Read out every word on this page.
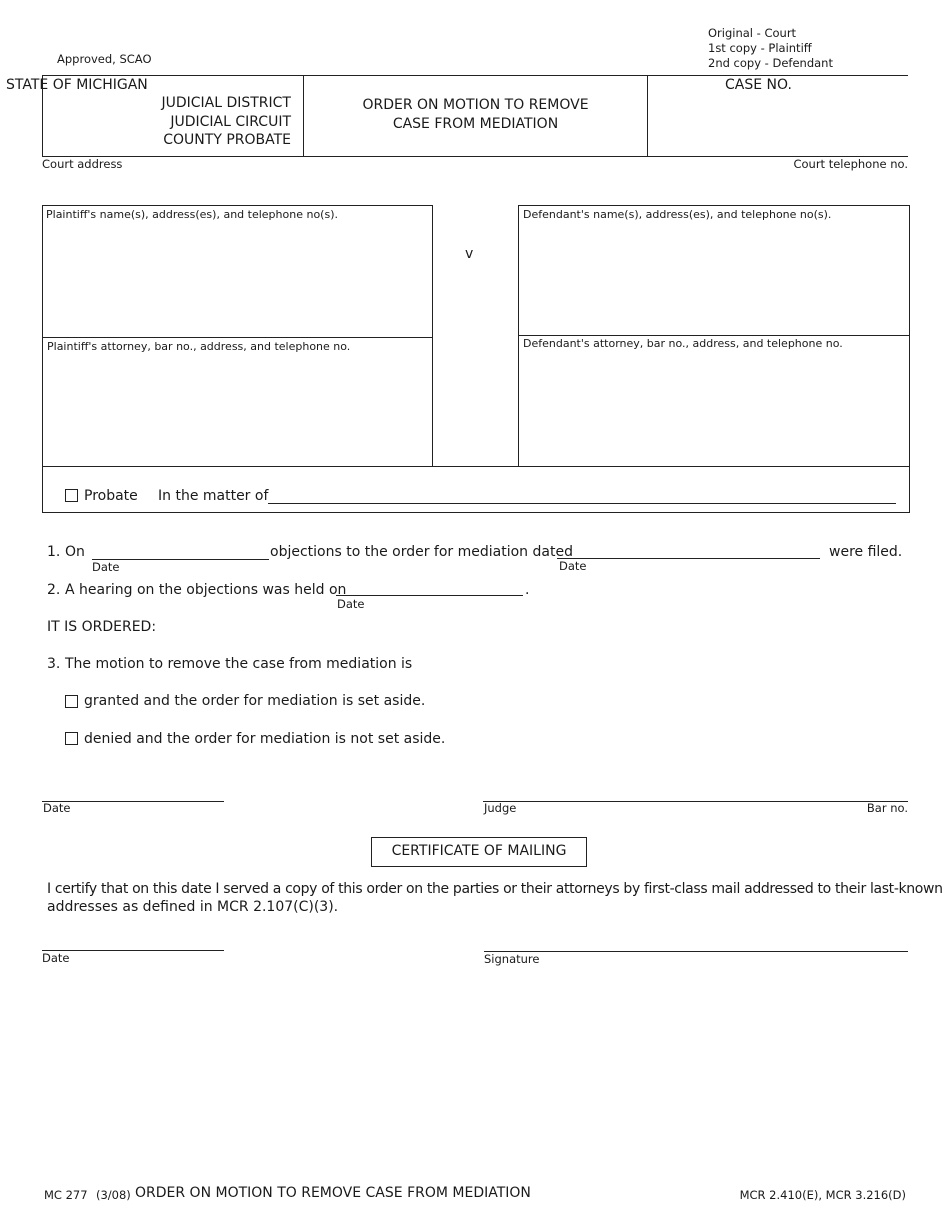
Approved, SCAO
Original - Court
1st copy - Plaintiff
2nd copy - Defendant
STATE OF MICHIGAN
JUDICIAL DISTRICT
JUDICIAL CIRCUIT
COUNTY PROBATE
ORDER ON MOTION TO REMOVE
CASE FROM MEDIATION
CASE NO.
Court address	Court telephone no.
Plaintiff's name(s), address(es), and telephone no(s).
Plaintiff's attorney, bar no., address, and telephone no.
v
Defendant's name(s), address(es), and telephone no(s).
Defendant's attorney, bar no., address, and telephone no.
Probate In the matter of
1. On
Date
objections to the order for mediation dated
Date
were filed.
2. A hearing on the objections was held on
Date
.
IT IS ORDERED:
3. The motion to remove the case from mediation is
granted and the order for mediation is set aside.
denied and the order for mediation is not set aside.
Date	Judge	Bar no.
CERTIFICATE OF MAILING
I certify that on this date I served a copy of this order on the parties or their attorneys by first-class mail addressed to their last-known
addresses as defined in MCR 2.107(C)(3).
Date	Signature
MC 277 (3/08) ORDER ON MOTION TO REMOVE CASE FROM MEDIATION	MCR 2.410(E), MCR 3.216(D)
